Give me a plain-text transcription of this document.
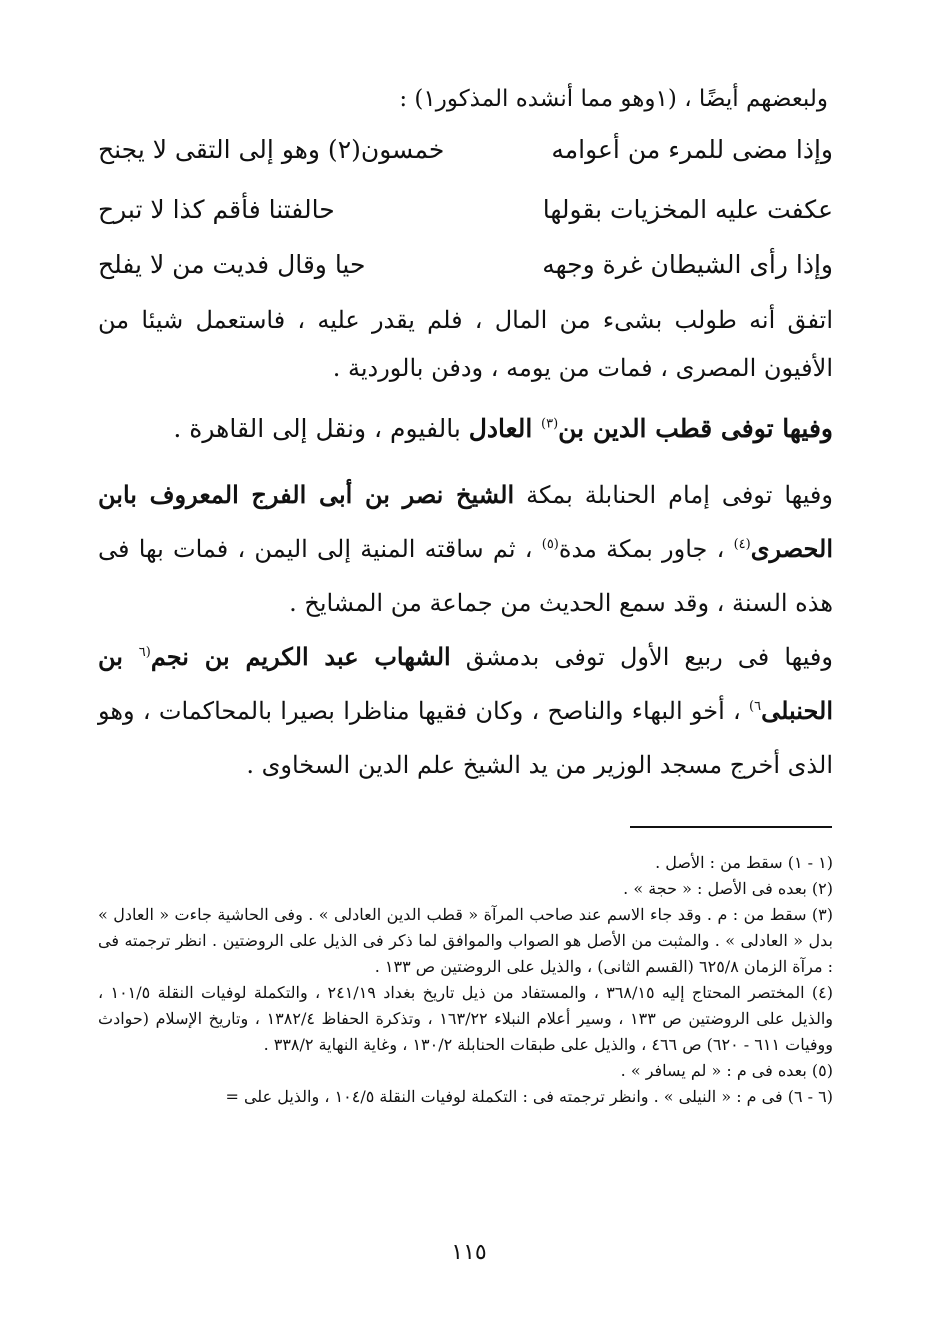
ولبعضهم أيضًا ، (١وهو مما أنشده المذكور١) :
وإذا مضى للمرء من أعوامه
خمسون(٢) وهو إلى التقى لا يجنح
عكفت عليه المخزيات بقولها
حالفتنا فأقم كذا لا تبرح
وإذا رأى الشيطان غرة وجهه
حيا وقال فديت من لا يفلح
اتفق أنه طولب بشىء من المال ، فلم يقدر عليه ، فاستعمل شيئا من الأفيون المصرى ، فمات من يومه ، ودفن بالوردية .
وفيها توفى قطب الدين بن$^{(٣)}$ العادل بالفيوم ، ونقل إلى القاهرة .
وفيها توفى إمام الحنابلة بمكة الشيخ نصر بن أبى الفرج المعروف بابن الحصرى$^{(٤)}$ ، جاور بمكة مدة$^{(٥)}$ ، ثم ساقته المنية إلى اليمن ، فمات بها فى هذه السنة ، وقد سمع الحديث من جماعة من المشايخ .
وفيها فى ربيع الأول توفى بدمشق الشهاب عبد الكريم بن نجم$^{(٦}$ بن الحنبلى$^{٦)}$ ، أخو البهاء والناصح ، وكان فقيها مناظرا بصيرا بالمحاكمات ، وهو الذى أخرج مسجد الوزير من يد الشيخ علم الدين السخاوى .

(١ - ١) سقط من : الأصل .

(٢) بعده فى الأصل : « حجة » .

(٣) سقط من : م . وقد جاء الاسم عند صاحب المرآة « قطب الدين العادلى » . وفى الحاشية جاءت « العادل » بدل « العادلى » . والمثبت من الأصل هو الصواب والموافق لما ذكر فى الذيل على الروضتين . انظر ترجمته فى : مرآة الزمان ٦٢٥/٨ (القسم الثانى) ، والذيل على الروضتين ص ١٣٣ .

(٤) المختصر المحتاج إليه ٣٦٨/١٥ ، والمستفاد من ذيل تاريخ بغداد ٢٤١/١٩ ، والتكملة لوفيات النقلة ١٠١/٥ ، والذيل على الروضتين ص ١٣٣ ، وسير أعلام النبلاء ١٦٣/٢٢ ، وتذكرة الحفاظ ١٣٨٢/٤ ، وتاريخ الإسلام (حوادث ووفيات ٦١١ - ٦٢٠) ص ٤٦٦ ، والذيل على طبقات الحنابلة ١٣٠/٢ ، وغاية النهاية ٣٣٨/٢ .

(٥) بعده فى م : « لم يسافر » .

(٦ - ٦) فى م : « النيلى » . وانظر ترجمته فى : التكملة لوفيات النقلة ١٠٤/٥ ، والذيل على =

١١٥
